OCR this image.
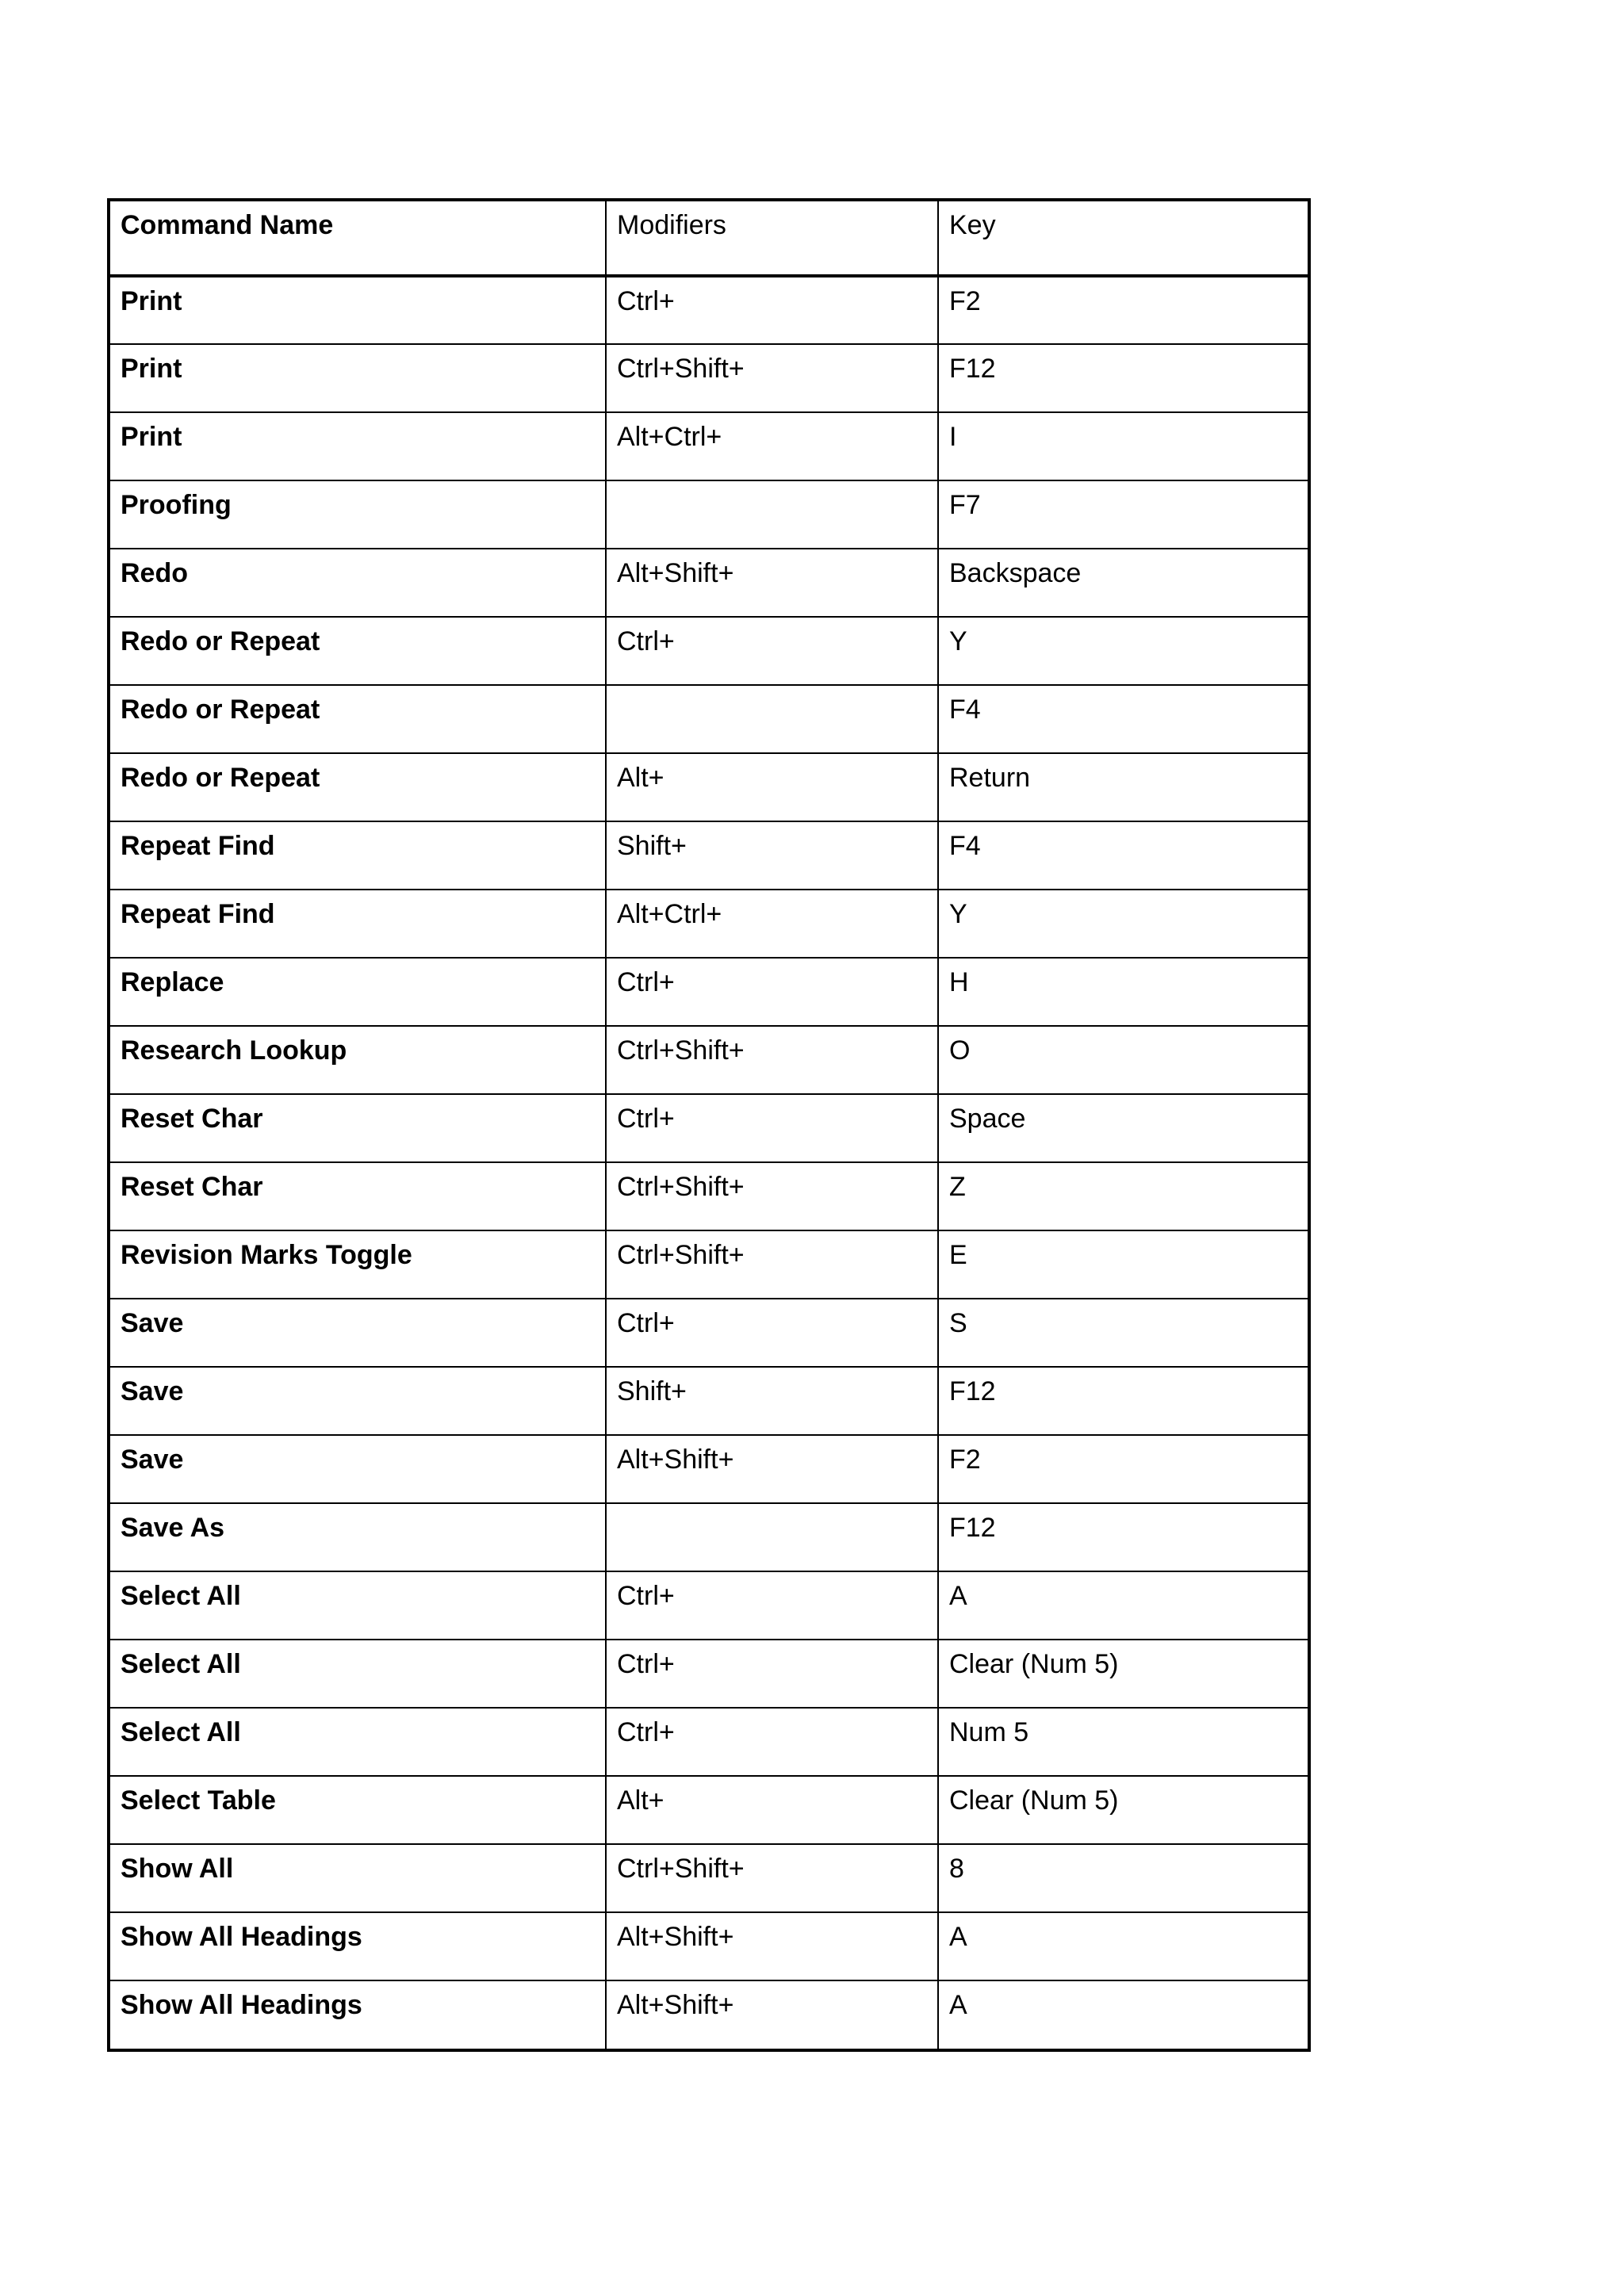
Command Name	Modifiers	Key
Print	Ctrl+	F2
Print	Ctrl+Shift+	F12
Print	Alt+Ctrl+	I
Proofing		F7
Redo	Alt+Shift+	Backspace
Redo or Repeat	Ctrl+	Y
Redo or Repeat		F4
Redo or Repeat	Alt+	Return
Repeat Find	Shift+	F4
Repeat Find	Alt+Ctrl+	Y
Replace	Ctrl+	H
Research Lookup	Ctrl+Shift+	O
Reset Char	Ctrl+	Space
Reset Char	Ctrl+Shift+	Z
Revision Marks Toggle	Ctrl+Shift+	E
Save	Ctrl+	S
Save	Shift+	F12
Save	Alt+Shift+	F2
Save As		F12
Select All	Ctrl+	A
Select All	Ctrl+	Clear (Num 5)
Select All	Ctrl+	Num 5
Select Table	Alt+	Clear (Num 5)
Show All	Ctrl+Shift+	8
Show All Headings	Alt+Shift+	A
Show All Headings	Alt+Shift+	A
